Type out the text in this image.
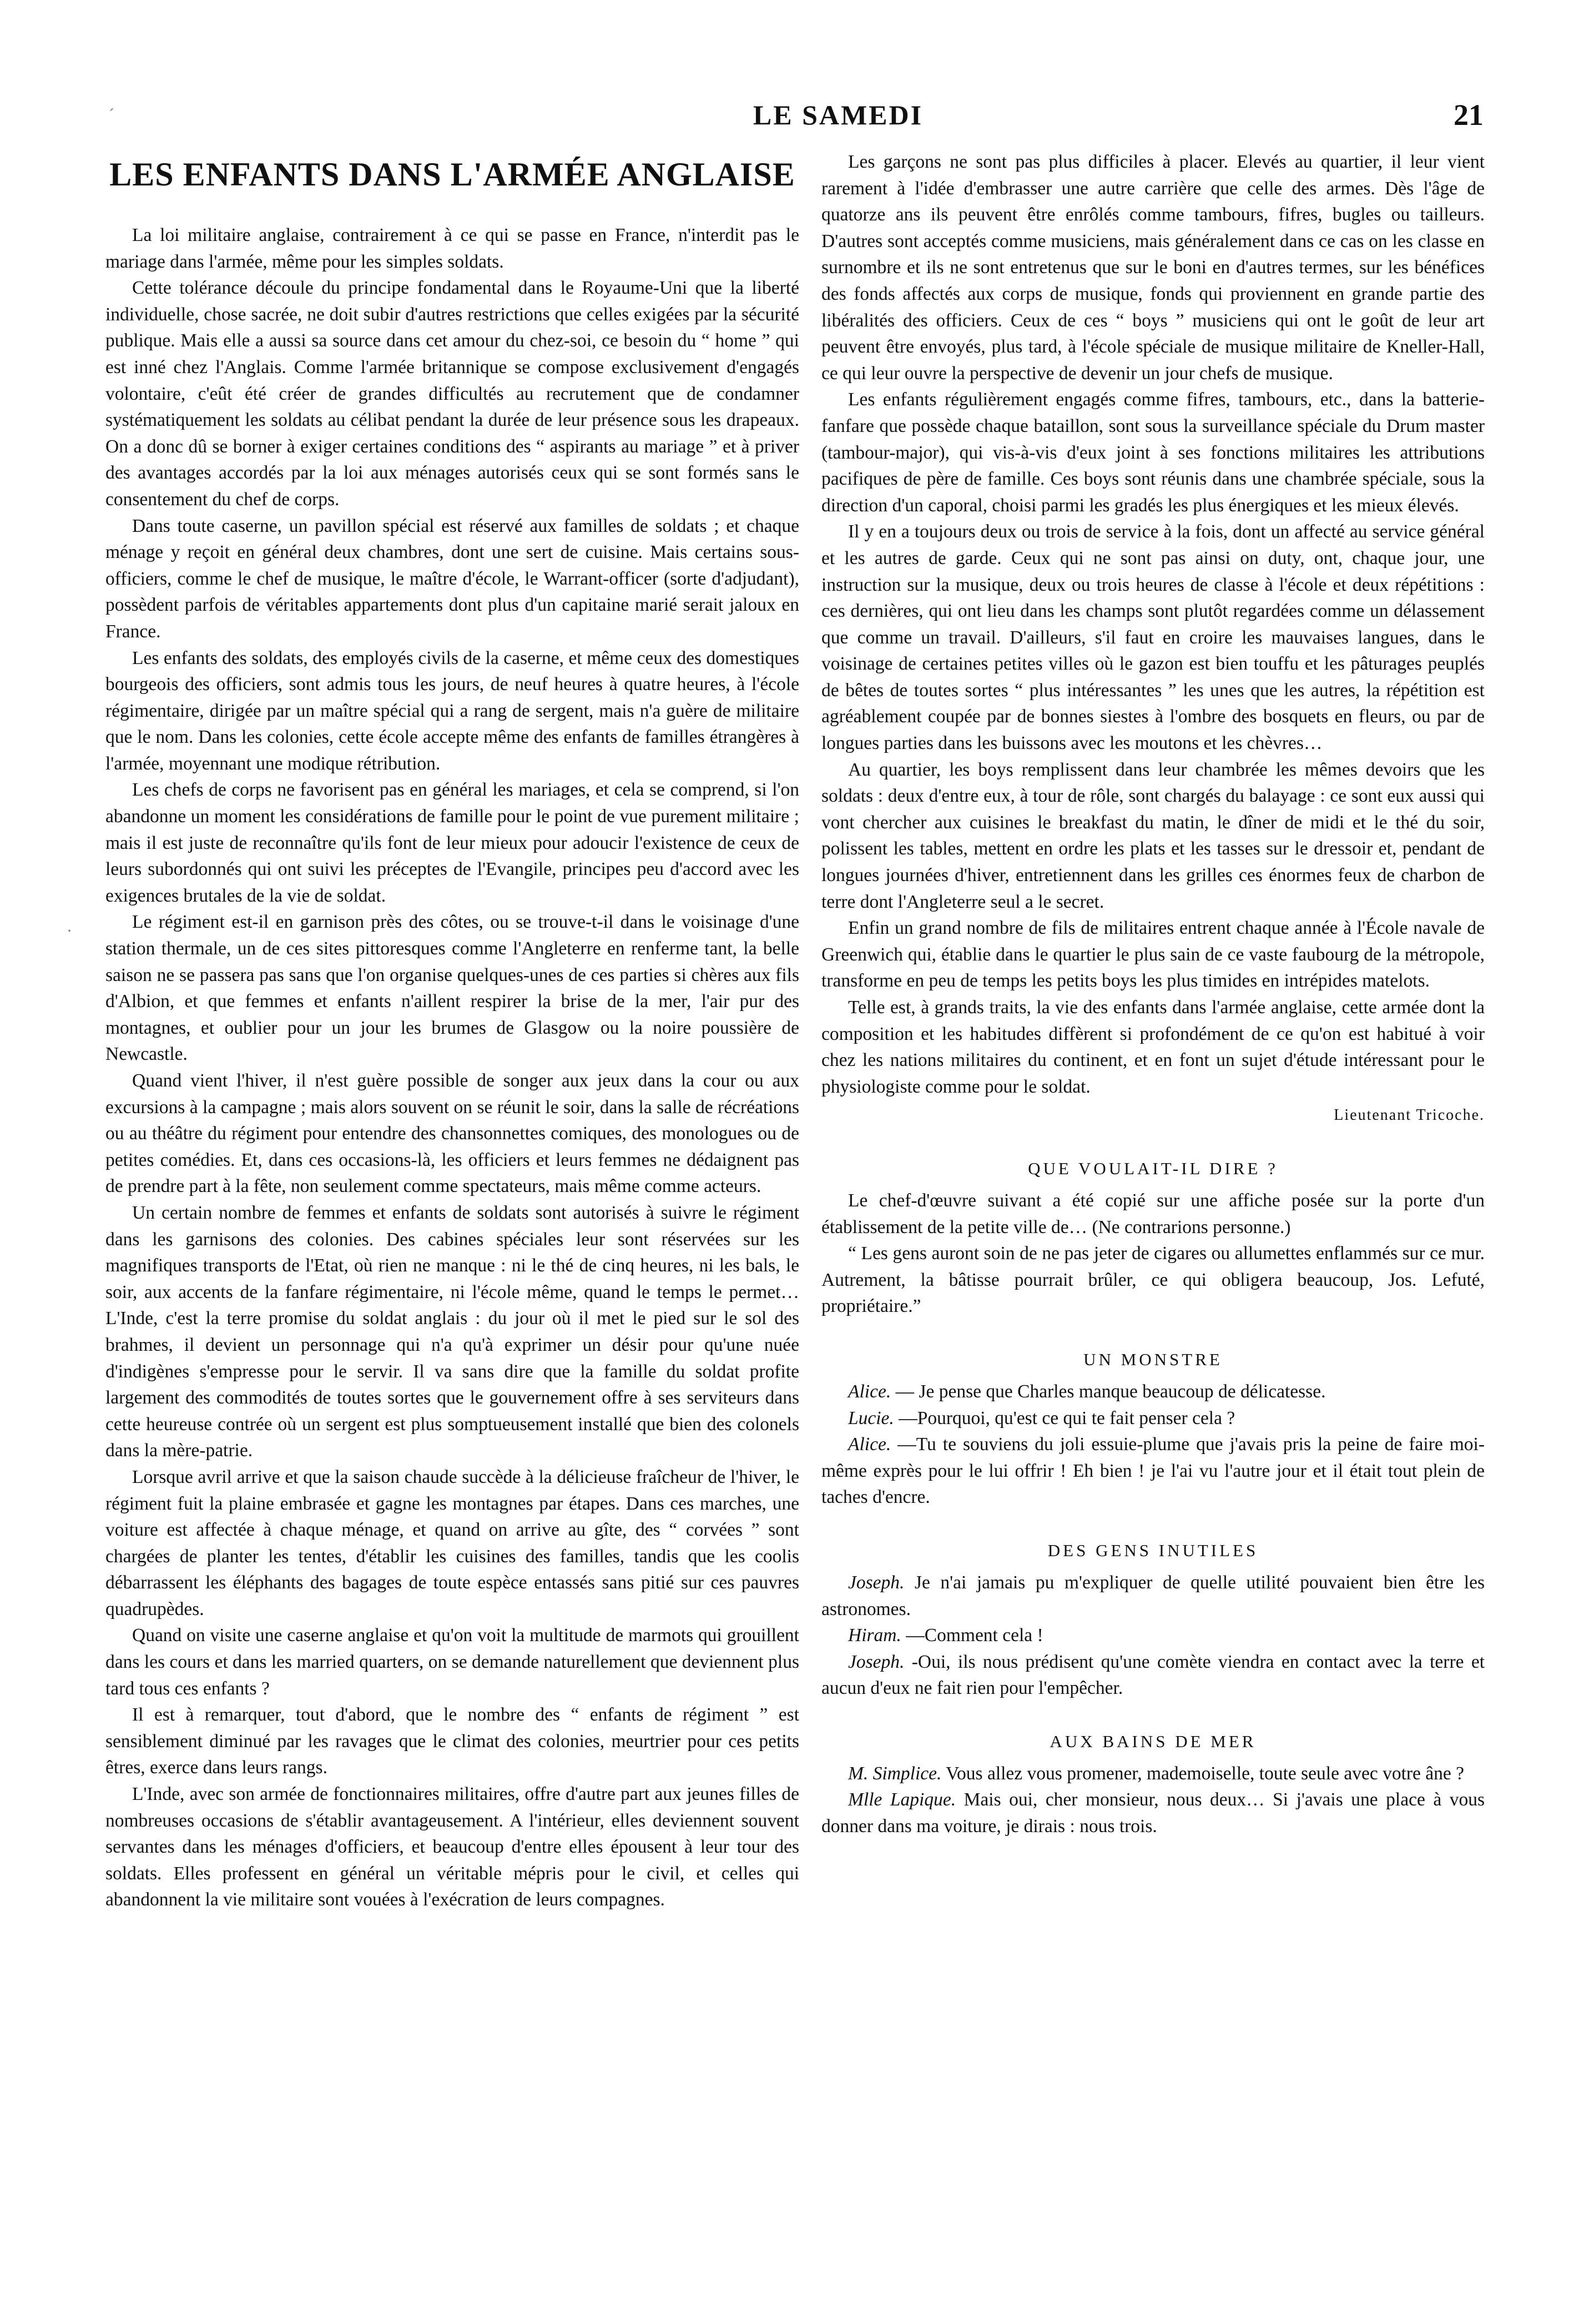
´
·
LE SAMEDI	21
LES ENFANTS DANS L'ARMÉE ANGLAISE

La loi militaire anglaise, contrairement à ce qui se passe en France, n'interdit pas le mariage dans l'armée, même pour les simples soldats.

Cette tolérance découle du principe fondamental dans le Royaume-Uni que la liberté individuelle, chose sacrée, ne doit subir d'autres restrictions que celles exigées par la sécurité publique. Mais elle a aussi sa source dans cet amour du chez-soi, ce besoin du “ home ” qui est inné chez l'Anglais. Comme l'armée britannique se compose exclusivement d'engagés volontaire, c'eût été créer de grandes difficultés au recrutement que de condamner systématiquement les soldats au célibat pendant la durée de leur présence sous les drapeaux. On a donc dû se borner à exiger certaines conditions des “ aspirants au mariage ” et à priver des avantages accordés par la loi aux ménages autorisés ceux qui se sont formés sans le consentement du chef de corps.

Dans toute caserne, un pavillon spécial est réservé aux familles de soldats ; et chaque ménage y reçoit en général deux chambres, dont une sert de cuisine. Mais certains sous-officiers, comme le chef de musique, le maître d'école, le Warrant-officer (sorte d'adjudant), possèdent parfois de véritables appartements dont plus d'un capitaine marié serait jaloux en France.

Les enfants des soldats, des employés civils de la caserne, et même ceux des domestiques bourgeois des officiers, sont admis tous les jours, de neuf heures à quatre heures, à l'école régimentaire, dirigée par un maître spécial qui a rang de sergent, mais n'a guère de militaire que le nom. Dans les colonies, cette école accepte même des enfants de familles étrangères à l'armée, moyennant une modique rétribution.

Les chefs de corps ne favorisent pas en général les mariages, et cela se comprend, si l'on abandonne un moment les considérations de famille pour le point de vue purement militaire ; mais il est juste de reconnaître qu'ils font de leur mieux pour adoucir l'existence de ceux de leurs subordonnés qui ont suivi les préceptes de l'Evangile, principes peu d'accord avec les exigences brutales de la vie de soldat.

Le régiment est-il en garnison près des côtes, ou se trouve-t-il dans le voisinage d'une station thermale, un de ces sites pittoresques comme l'Angleterre en renferme tant, la belle saison ne se passera pas sans que l'on organise quelques-unes de ces parties si chères aux fils d'Albion, et que femmes et enfants n'aillent respirer la brise de la mer, l'air pur des montagnes, et oublier pour un jour les brumes de Glasgow ou la noire poussière de Newcastle.

Quand vient l'hiver, il n'est guère possible de songer aux jeux dans la cour ou aux excursions à la campagne ; mais alors souvent on se réunit le soir, dans la salle de récréations ou au théâtre du régiment pour entendre des chansonnettes comiques, des monologues ou de petites comédies. Et, dans ces occasions-là, les officiers et leurs femmes ne dédaignent pas de prendre part à la fête, non seulement comme spectateurs, mais même comme acteurs.

Un certain nombre de femmes et enfants de soldats sont autorisés à suivre le régiment dans les garnisons des colonies. Des cabines spéciales leur sont réservées sur les magnifiques transports de l'Etat, où rien ne manque : ni le thé de cinq heures, ni les bals, le soir, aux accents de la fanfare régimentaire, ni l'école même, quand le temps le permet… L'Inde, c'est la terre promise du soldat anglais : du jour où il met le pied sur le sol des brahmes, il devient un personnage qui n'a qu'à exprimer un désir pour qu'une nuée d'indigènes s'empresse pour le servir. Il va sans dire que la famille du soldat profite largement des commodités de toutes sortes que le gouvernement offre à ses serviteurs dans cette heureuse contrée où un sergent est plus somptueusement installé que bien des colonels dans la mère-patrie.

Lorsque avril arrive et que la saison chaude succède à la délicieuse fraîcheur de l'hiver, le régiment fuit la plaine embrasée et gagne les montagnes par étapes. Dans ces marches, une voiture est affectée à chaque ménage, et quand on arrive au gîte, des “ corvées ” sont chargées de planter les tentes, d'établir les cuisines des familles, tandis que les coolis débarrassent les éléphants des bagages de toute espèce entassés sans pitié sur ces pauvres quadrupèdes.

Quand on visite une caserne anglaise et qu'on voit la multitude de marmots qui grouillent dans les cours et dans les married quarters, on se demande naturellement que deviennent plus tard tous ces enfants ?

Il est à remarquer, tout d'abord, que le nombre des “ enfants de régiment ” est sensiblement diminué par les ravages que le climat des colonies, meurtrier pour ces petits êtres, exerce dans leurs rangs.

L'Inde, avec son armée de fonctionnaires militaires, offre d'autre part aux jeunes filles de nombreuses occasions de s'établir avantageusement. A l'intérieur, elles deviennent souvent servantes dans les ménages d'officiers, et beaucoup d'entre elles épousent à leur tour des soldats. Elles professent en général un véritable mépris pour le civil, et celles qui abandonnent la vie militaire sont vouées à l'exécration de leurs compagnes.

Les garçons ne sont pas plus difficiles à placer. Elevés au quartier, il leur vient rarement à l'idée d'embrasser une autre carrière que celle des armes. Dès l'âge de quatorze ans ils peuvent être enrôlés comme tambours, fifres, bugles ou tailleurs. D'autres sont acceptés comme musiciens, mais généralement dans ce cas on les classe en surnombre et ils ne sont entretenus que sur le boni en d'autres termes, sur les bénéfices des fonds affectés aux corps de musique, fonds qui proviennent en grande partie des libéralités des officiers. Ceux de ces “ boys ” musiciens qui ont le goût de leur art peuvent être envoyés, plus tard, à l'école spéciale de musique militaire de Kneller-Hall, ce qui leur ouvre la perspective de devenir un jour chefs de musique.

Les enfants régulièrement engagés comme fifres, tambours, etc., dans la batterie-fanfare que possède chaque bataillon, sont sous la surveillance spéciale du Drum master (tambour-major), qui vis-à-vis d'eux joint à ses fonctions militaires les attributions pacifiques de père de famille. Ces boys sont réunis dans une chambrée spéciale, sous la direction d'un caporal, choisi parmi les gradés les plus énergiques et les mieux élevés.

Il y en a toujours deux ou trois de service à la fois, dont un affecté au service général et les autres de garde. Ceux qui ne sont pas ainsi on duty, ont, chaque jour, une instruction sur la musique, deux ou trois heures de classe à l'école et deux répétitions : ces dernières, qui ont lieu dans les champs sont plutôt regardées comme un délassement que comme un travail. D'ailleurs, s'il faut en croire les mauvaises langues, dans le voisinage de certaines petites villes où le gazon est bien touffu et les pâturages peuplés de bêtes de toutes sortes “ plus intéressantes ” les unes que les autres, la répétition est agréablement coupée par de bonnes siestes à l'ombre des bosquets en fleurs, ou par de longues parties dans les buissons avec les moutons et les chèvres…

Au quartier, les boys remplissent dans leur chambrée les mêmes devoirs que les soldats : deux d'entre eux, à tour de rôle, sont chargés du balayage : ce sont eux aussi qui vont chercher aux cuisines le breakfast du matin, le dîner de midi et le thé du soir, polissent les tables, mettent en ordre les plats et les tasses sur le dressoir et, pendant de longues journées d'hiver, entretiennent dans les grilles ces énormes feux de charbon de terre dont l'Angleterre seul a le secret.

Enfin un grand nombre de fils de militaires entrent chaque année à l'École navale de Greenwich qui, établie dans le quartier le plus sain de ce vaste faubourg de la métropole, transforme en peu de temps les petits boys les plus timides en intrépides matelots.

Telle est, à grands traits, la vie des enfants dans l'armée anglaise, cette armée dont la composition et les habitudes diffèrent si profondément de ce qu'on est habitué à voir chez les nations militaires du continent, et en font un sujet d'étude intéressant pour le physiologiste comme pour le soldat.

Lieutenant Tricoche.
QUE VOULAIT-IL DIRE ?

Le chef-d'œuvre suivant a été copié sur une affiche posée sur la porte d'un établissement de la petite ville de… (Ne contrarions personne.)

“ Les gens auront soin de ne pas jeter de cigares ou allumettes enflammés sur ce mur. Autrement, la bâtisse pourrait brûler, ce qui obligera beaucoup, Jos. Lefuté, propriétaire.”

UN MONSTRE

Alice. — Je pense que Charles manque beaucoup de délicatesse.

Lucie. —Pourquoi, qu'est ce qui te fait penser cela ?

Alice. —Tu te souviens du joli essuie-plume que j'avais pris la peine de faire moi-même exprès pour le lui offrir ! Eh bien ! je l'ai vu l'autre jour et il était tout plein de taches d'encre.

DES GENS INUTILES

Joseph. Je n'ai jamais pu m'expliquer de quelle utilité pouvaient bien être les astronomes.

Hiram. —Comment cela !

Joseph. -Oui, ils nous prédisent qu'une comète viendra en contact avec la terre et aucun d'eux ne fait rien pour l'empêcher.

AUX BAINS DE MER

M. Simplice. Vous allez vous promener, mademoiselle, toute seule avec votre âne ?

Mlle Lapique. Mais oui, cher monsieur, nous deux… Si j'avais une place à vous donner dans ma voiture, je dirais : nous trois.
